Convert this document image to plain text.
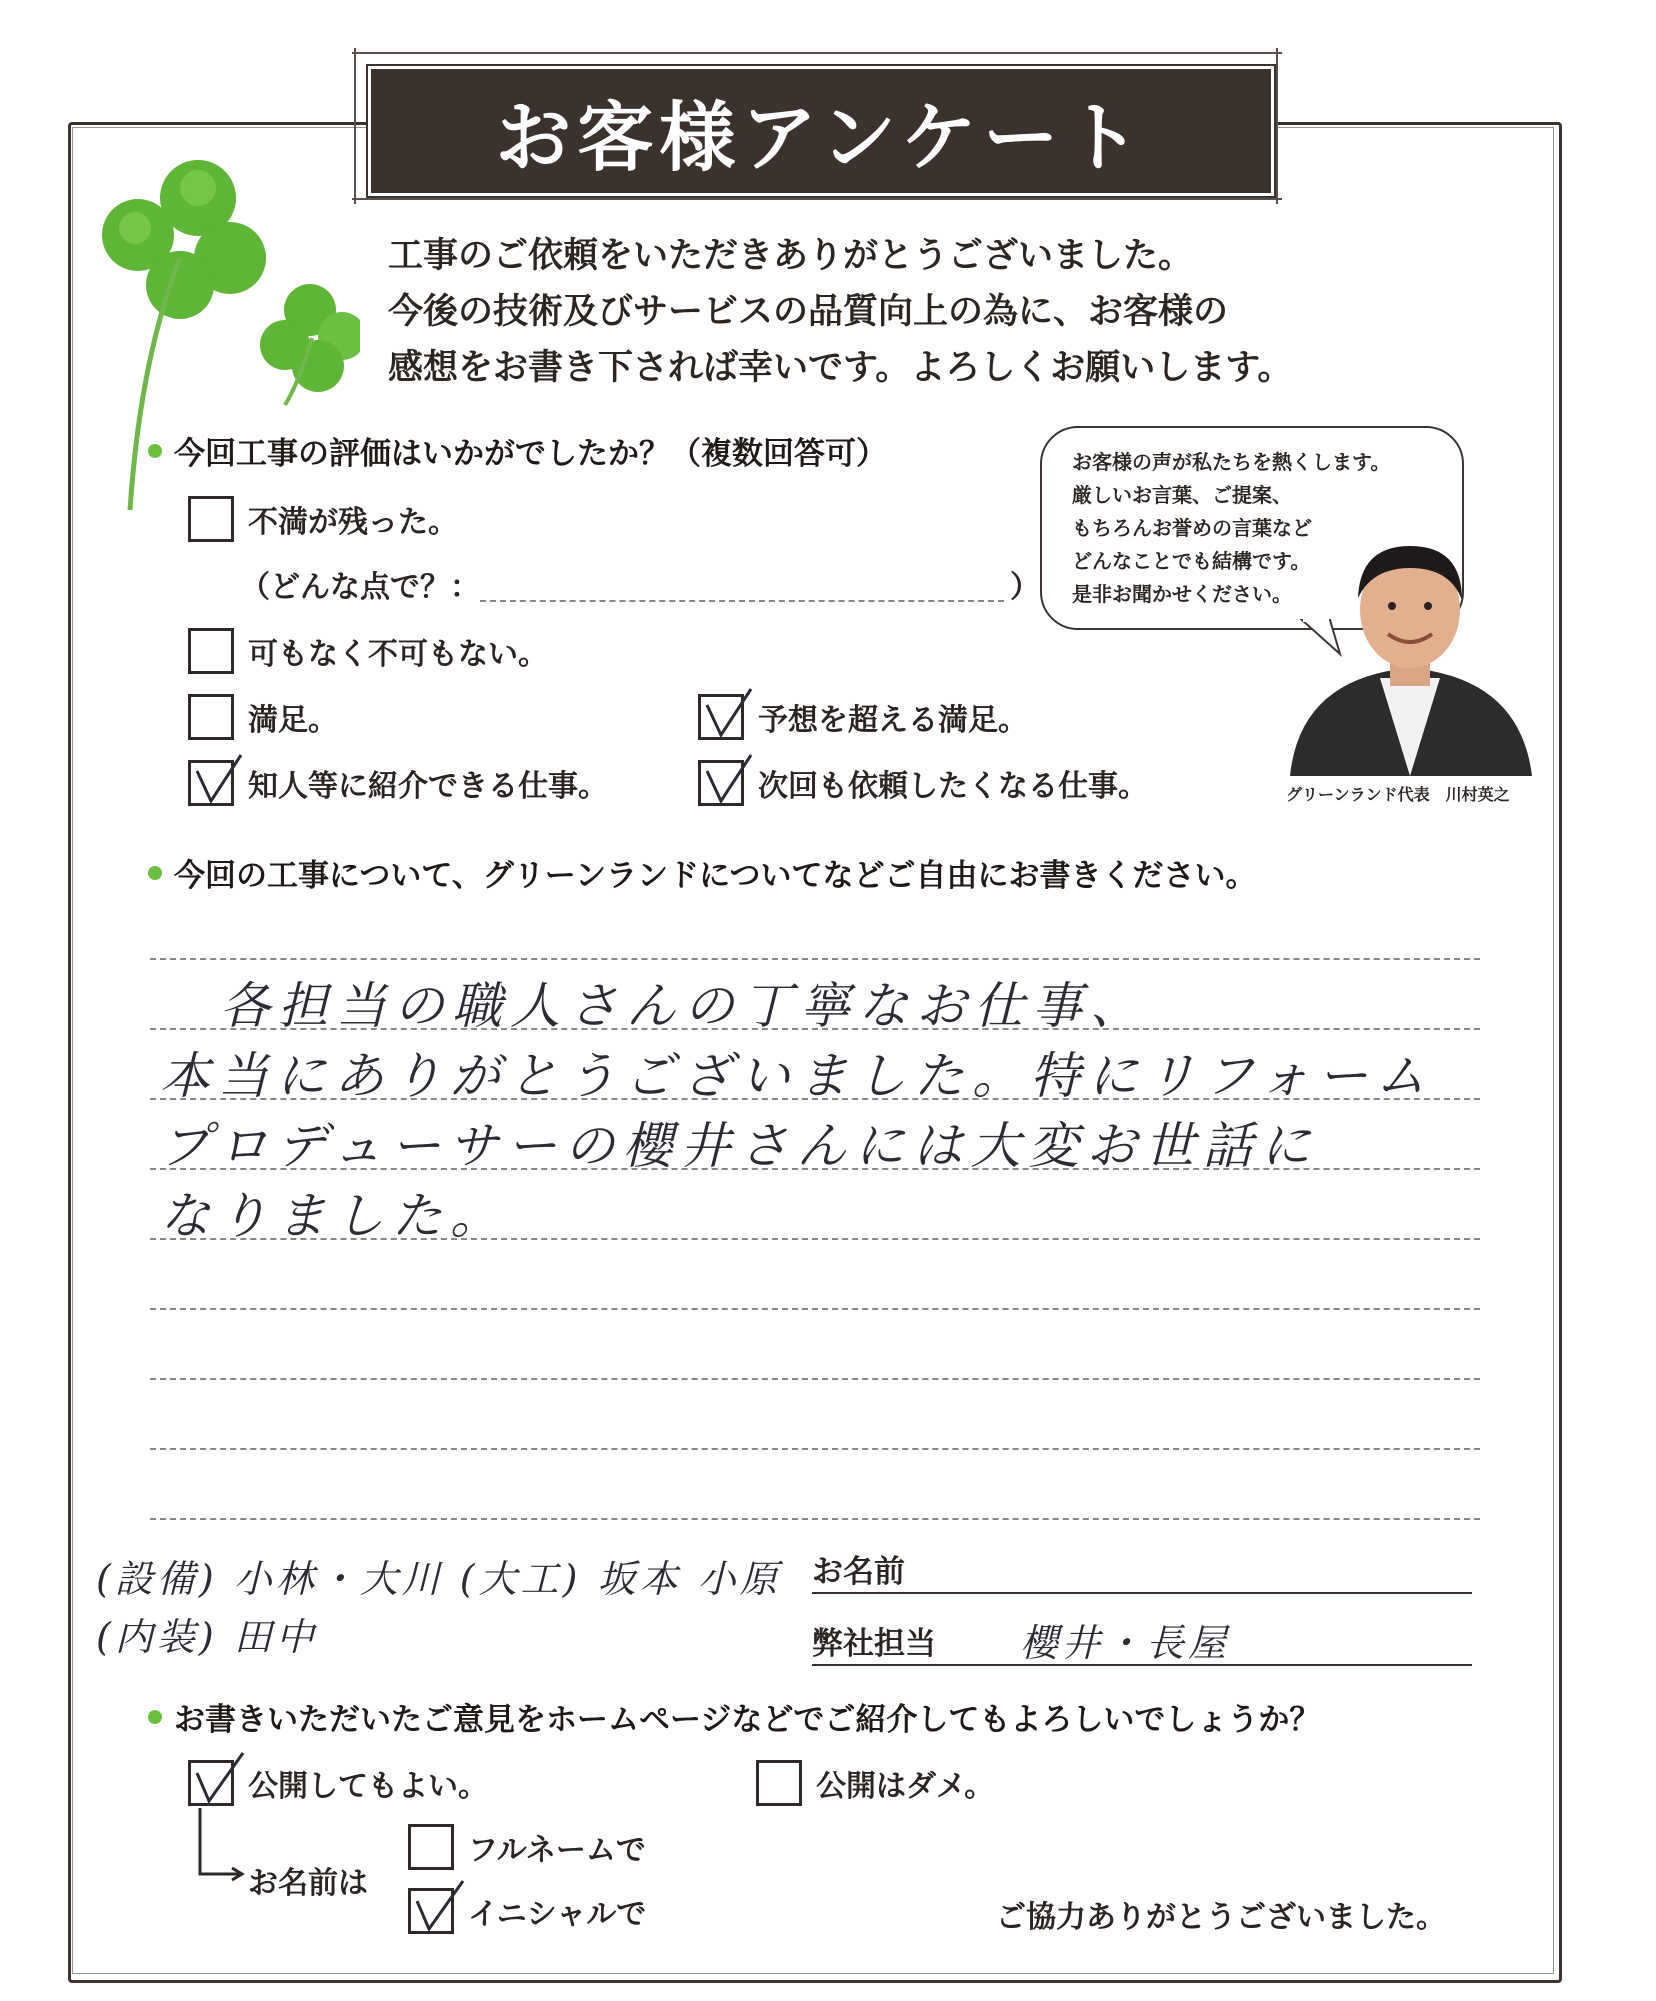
お客様アンケート
工事のご依頼をいただきありがとうございました。
今後の技術及びサービスの品質向上の為に、お客様の
感想をお書き下されば幸いです。よろしくお願いします。
今回工事の評価はいかがでしたか？（複数回答可）
不満が残った。
（どんな点で？：	）
可もなく不可もない。
満足。	予想を超える満足。
知人等に紹介できる仕事。	次回も依頼したくなる仕事。
お客様の声が私たちを熱くします。
厳しいお言葉、ご提案、
もちろんお誉めの言葉など
どんなことでも結構です。
是非お聞かせください。
グリーンランド代表　川村英之
今回の工事について、グリーンランドについてなどご自由にお書きください。
各担当の職人さんの丁寧なお仕事、
本当にありがとうございました。特にリフォーム
プロデューサーの櫻井さんには大変お世話に
なりました。
(設備) 小林・大川 (大工) 坂本 小原
(内装) 田中
お名前
弊社担当 櫻井・長屋
お書きいただいたご意見をホームページなどでご紹介してもよろしいでしょうか？
公開してもよい。	公開はダメ。
お名前は
フルネームで
イニシャルで	ご協力ありがとうございました。
